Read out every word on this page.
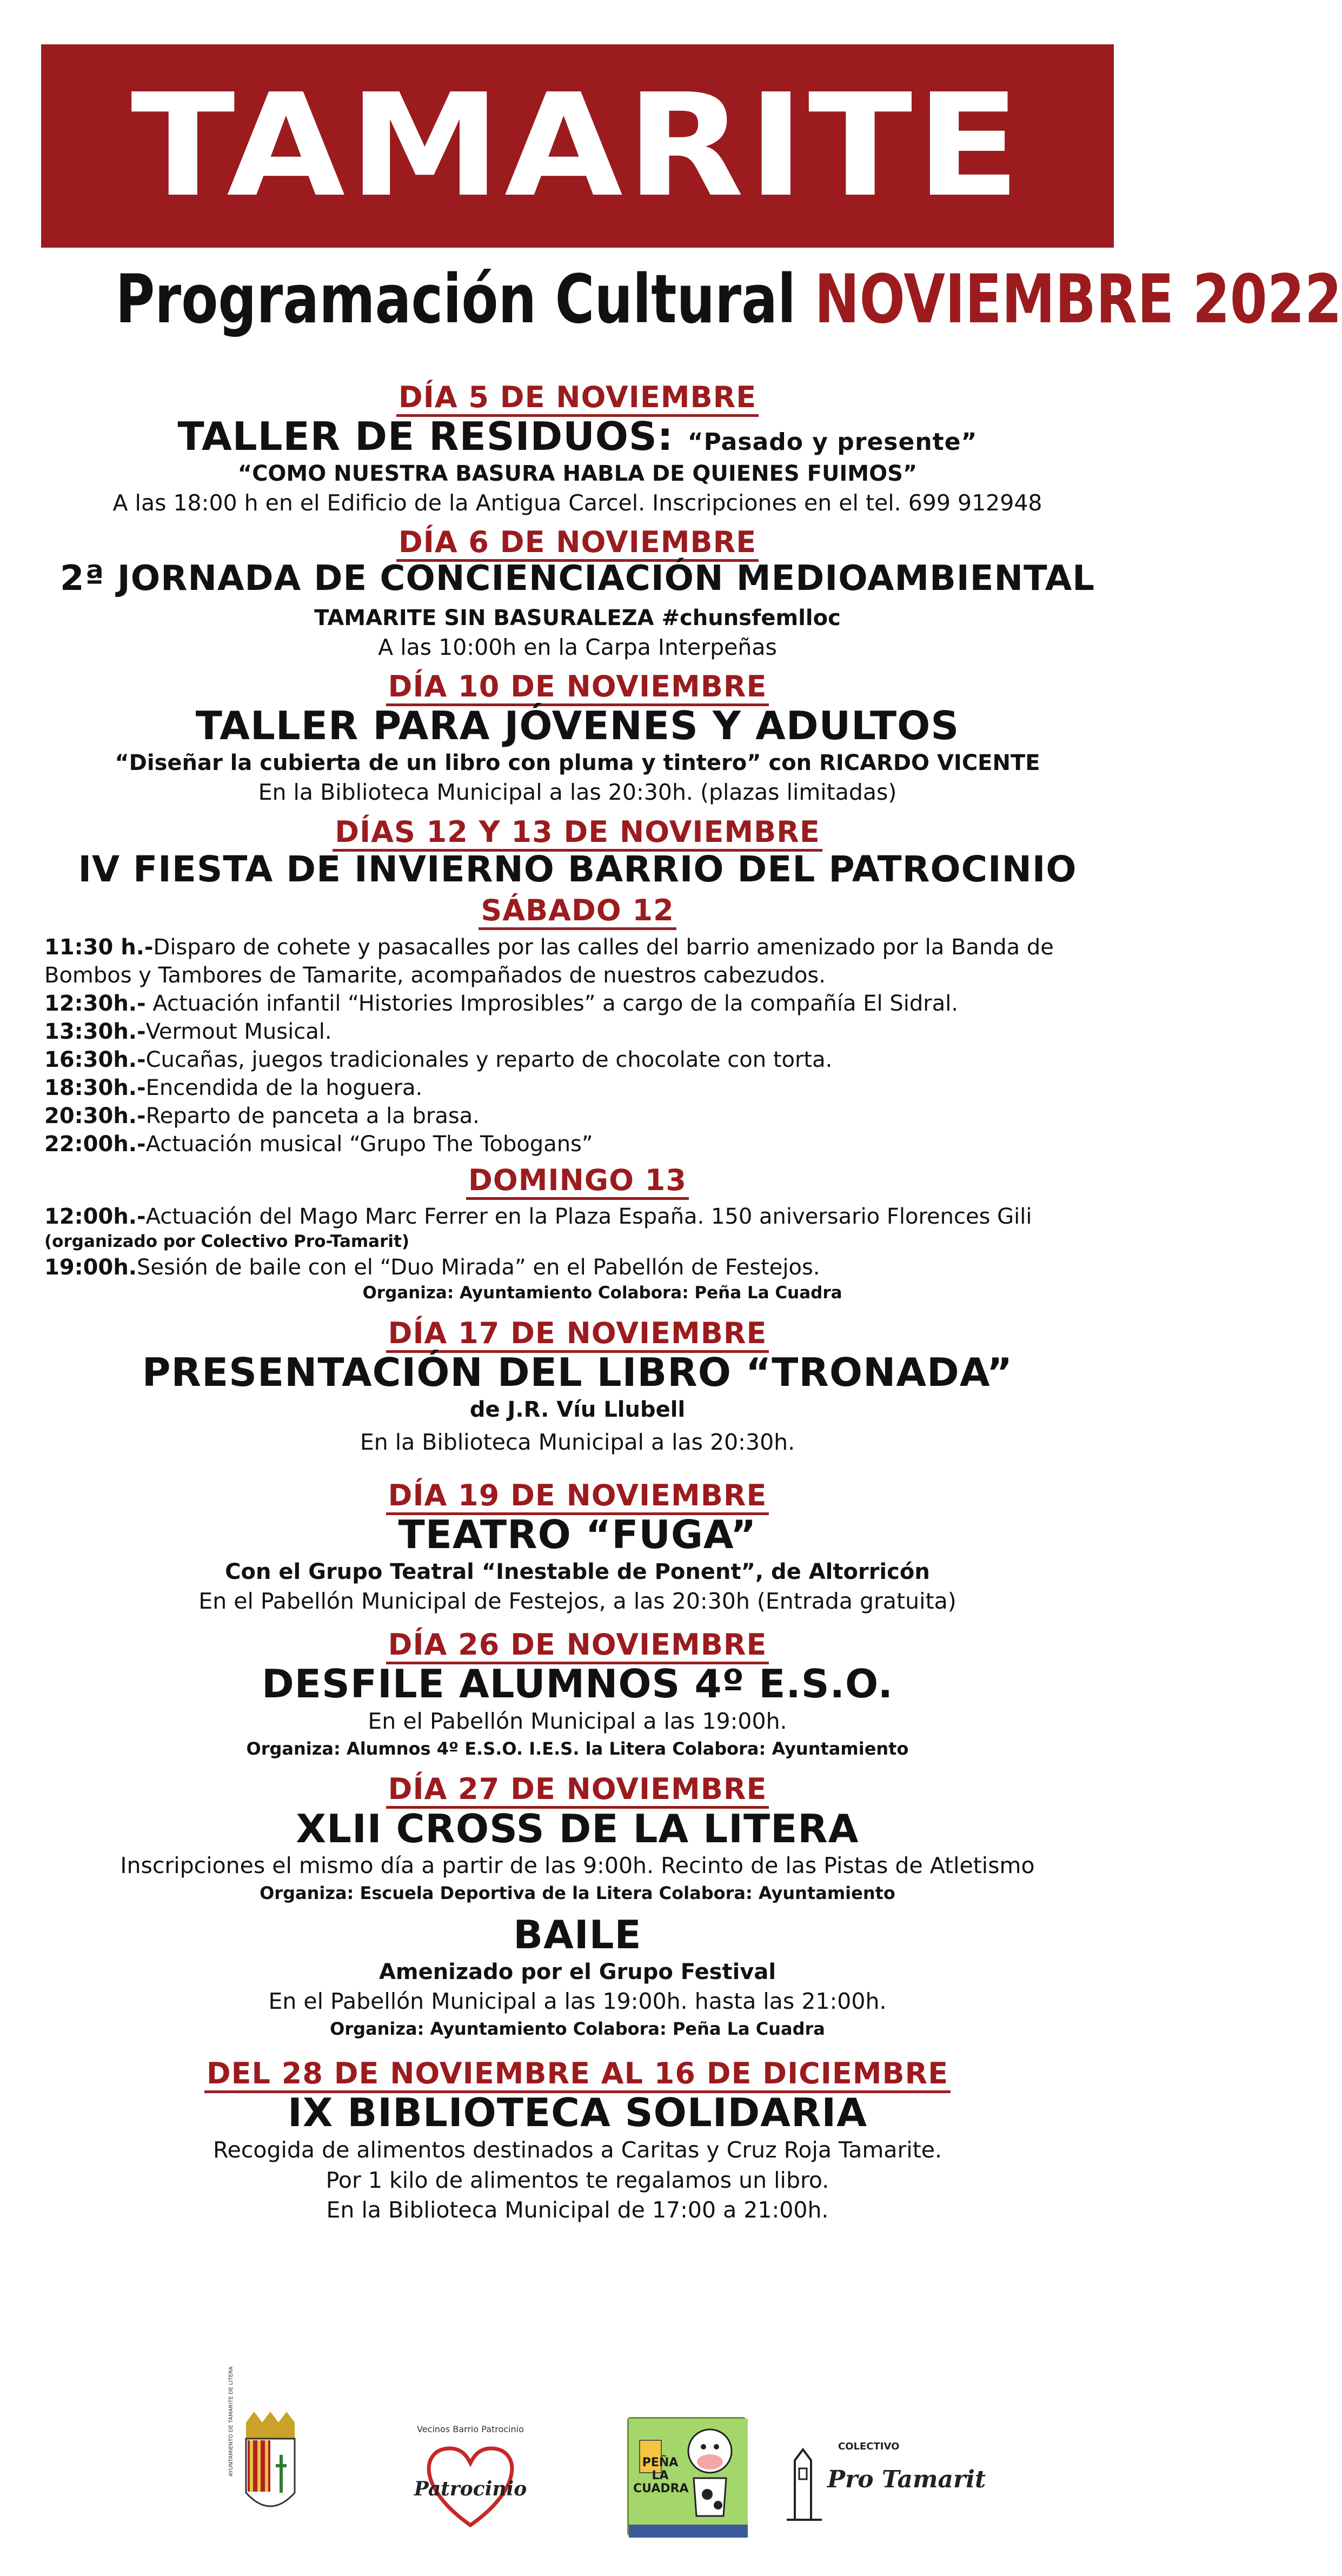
TAMARITE
Programación Cultural NOVIEMBRE 2022
DÍA 5 DE NOVIEMBRE
TALLER DE RESIDUOS: “Pasado y presente”
“COMO NUESTRA BASURA HABLA DE QUIENES FUIMOS”
A las 18:00 h en el Edificio de la Antigua Carcel. Inscripciones en el tel. 699 912948
DÍA 6 DE NOVIEMBRE
2ª JORNADA DE CONCIENCIACIÓN MEDIOAMBIENTAL
TAMARITE SIN BASURALEZA #chunsfemlloc
A las 10:00h en la Carpa Interpeñas
DÍA 10 DE NOVIEMBRE
TALLER PARA JÓVENES Y ADULTOS
“Diseñar la cubierta de un libro con pluma y tintero” con RICARDO VICENTE
En la Biblioteca Municipal a las 20:30h. (plazas limitadas)
DÍAS 12 Y 13 DE NOVIEMBRE
IV FIESTA DE INVIERNO BARRIO DEL PATROCINIO
SÁBADO 12
11:30 h.-Disparo de cohete y pasacalles por las calles del barrio amenizado por la Banda de
Bombos y Tambores de Tamarite, acompañados de nuestros cabezudos.
12:30h.- Actuación infantil “Histories Improsibles” a cargo de la compañía El Sidral.
13:30h.-Vermout Musical.
16:30h.-Cucañas, juegos tradicionales y reparto de chocolate con torta.
18:30h.-Encendida de la hoguera.
20:30h.-Reparto de panceta a la brasa.
22:00h.-Actuación musical “Grupo The Tobogans”
DOMINGO 13
12:00h.-Actuación del Mago Marc Ferrer en la Plaza España. 150 aniversario Florences Gili
(organizado por Colectivo Pro-Tamarit)
19:00h.Sesión de baile con el “Duo Mirada” en el Pabellón de Festejos.
Organiza: Ayuntamiento Colabora: Peña La Cuadra
DÍA 17 DE NOVIEMBRE
PRESENTACIÓN DEL LIBRO “TRONADA”
de J.R. Víu Llubell
En la Biblioteca Municipal a las 20:30h.
DÍA 19 DE NOVIEMBRE
TEATRO “FUGA”
Con el Grupo Teatral “Inestable de Ponent”, de Altorricón
En el Pabellón Municipal de Festejos, a las 20:30h (Entrada gratuita)
DÍA 26 DE NOVIEMBRE
DESFILE ALUMNOS 4º E.S.O.
En el Pabellón Municipal a las 19:00h.
Organiza: Alumnos 4º E.S.O. I.E.S. la Litera Colabora: Ayuntamiento
DÍA 27 DE NOVIEMBRE
XLII CROSS DE LA LITERA
Inscripciones el mismo día a partir de las 9:00h. Recinto de las Pistas de Atletismo
Organiza: Escuela Deportiva de la Litera Colabora: Ayuntamiento
BAILE
Amenizado por el Grupo Festival
En el Pabellón Municipal a las 19:00h. hasta las 21:00h.
Organiza: Ayuntamiento Colabora: Peña La Cuadra
DEL 28 DE NOVIEMBRE AL 16 DE DICIEMBRE
IX BIBLIOTECA SOLIDARIA
Recogida de alimentos destinados a Caritas y Cruz Roja Tamarite.
Por 1 kilo de alimentos te regalamos un libro.
En la Biblioteca Municipal de 17:00 a 21:00h.
AYUNTAMIENTO DE TAMARITE DE LITERA	Vecinos Barrio Patrocinio
Patrocinio
PEÑA LA CUADRA
COLECTIVO
Pro Tamarit
